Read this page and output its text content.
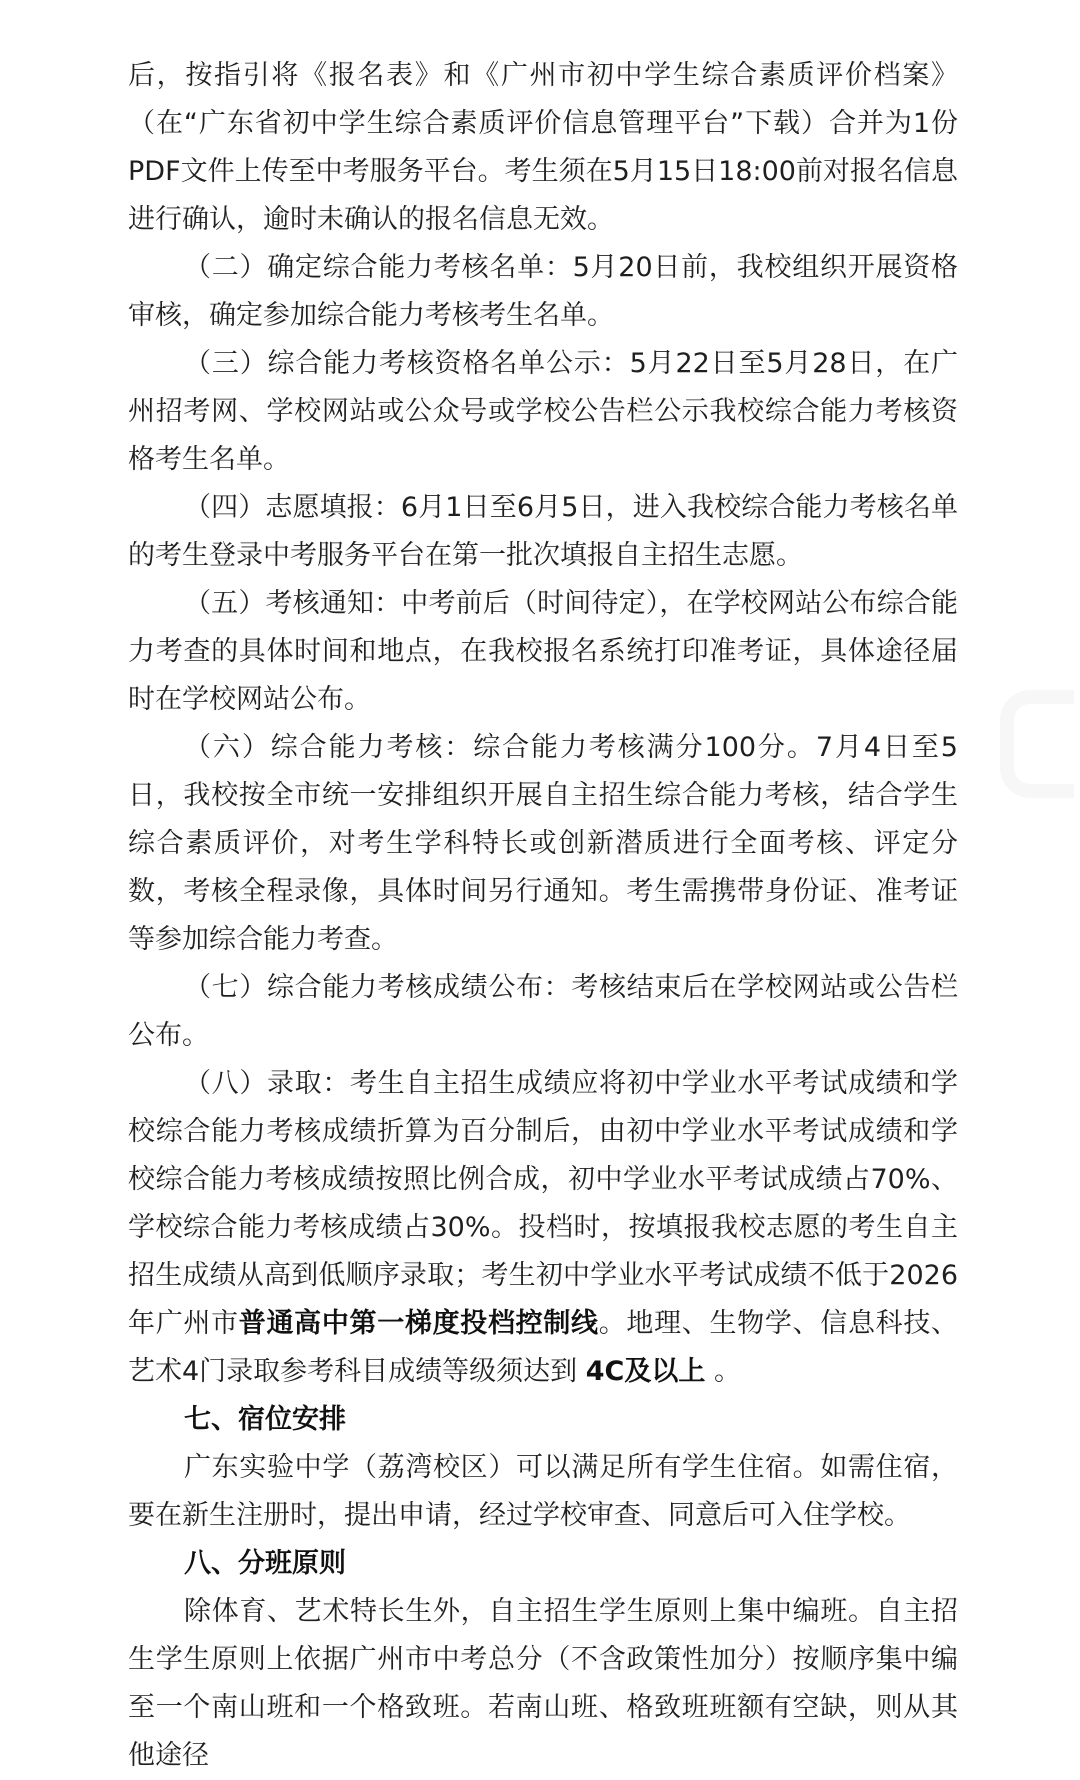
后，按指引将《报名表》和《广州市初中学生综合素质评价档案》（在“广东省初中学生综合素质评价信息管理平台”下载）合并为1份PDF文件上传至中考服务平台。考生须在5月15日18:00前对报名信息进行确认，逾时未确认的报名信息无效。

（二）确定综合能力考核名单：5月20日前，我校组织开展资格审核，确定参加综合能力考核考生名单。

（三）综合能力考核资格名单公示：5月22日至5月28日，在广州招考网、学校网站或公众号或学校公告栏公示我校综合能力考核资格考生名单。

（四）志愿填报：6月1日至6月5日，进入我校综合能力考核名单的考生登录中考服务平台在第一批次填报自主招生志愿。

（五）考核通知：中考前后（时间待定），在学校网站公布综合能力考查的具体时间和地点，在我校报名系统打印准考证，具体途径届时在学校网站公布。

（六）综合能力考核：综合能力考核满分100分。7月4日至5日，我校按全市统一安排组织开展自主招生综合能力考核，结合学生综合素质评价，对考生学科特长或创新潜质进行全面考核、评定分数，考核全程录像，具体时间另行通知。考生需携带身份证、准考证等参加综合能力考查。

（七）综合能力考核成绩公布：考核结束后在学校网站或公告栏公布。

（八）录取：考生自主招生成绩应将初中学业水平考试成绩和学校综合能力考核成绩折算为百分制后，由初中学业水平考试成绩和学校综合能力考核成绩按照比例合成，初中学业水平考试成绩占70%、学校综合能力考核成绩占30%。投档时，按填报我校志愿的考生自主招生成绩从高到低顺序录取；考生初中学业水平考试成绩不低于2026年广州市普通高中第一梯度投档控制线。地理、生物学、信息科技、艺术4门录取参考科目成绩等级须达到 4C及以上 。

七、宿位安排

广东实验中学（荔湾校区）可以满足所有学生住宿。如需住宿，要在新生注册时，提出申请，经过学校审查、同意后可入住学校。

八、分班原则

除体育、艺术特长生外，自主招生学生原则上集中编班。自主招生学生原则上依据广州市中考总分（不含政策性加分）按顺序集中编至一个南山班和一个格致班。若南山班、格致班班额有空缺，则从其他途径
